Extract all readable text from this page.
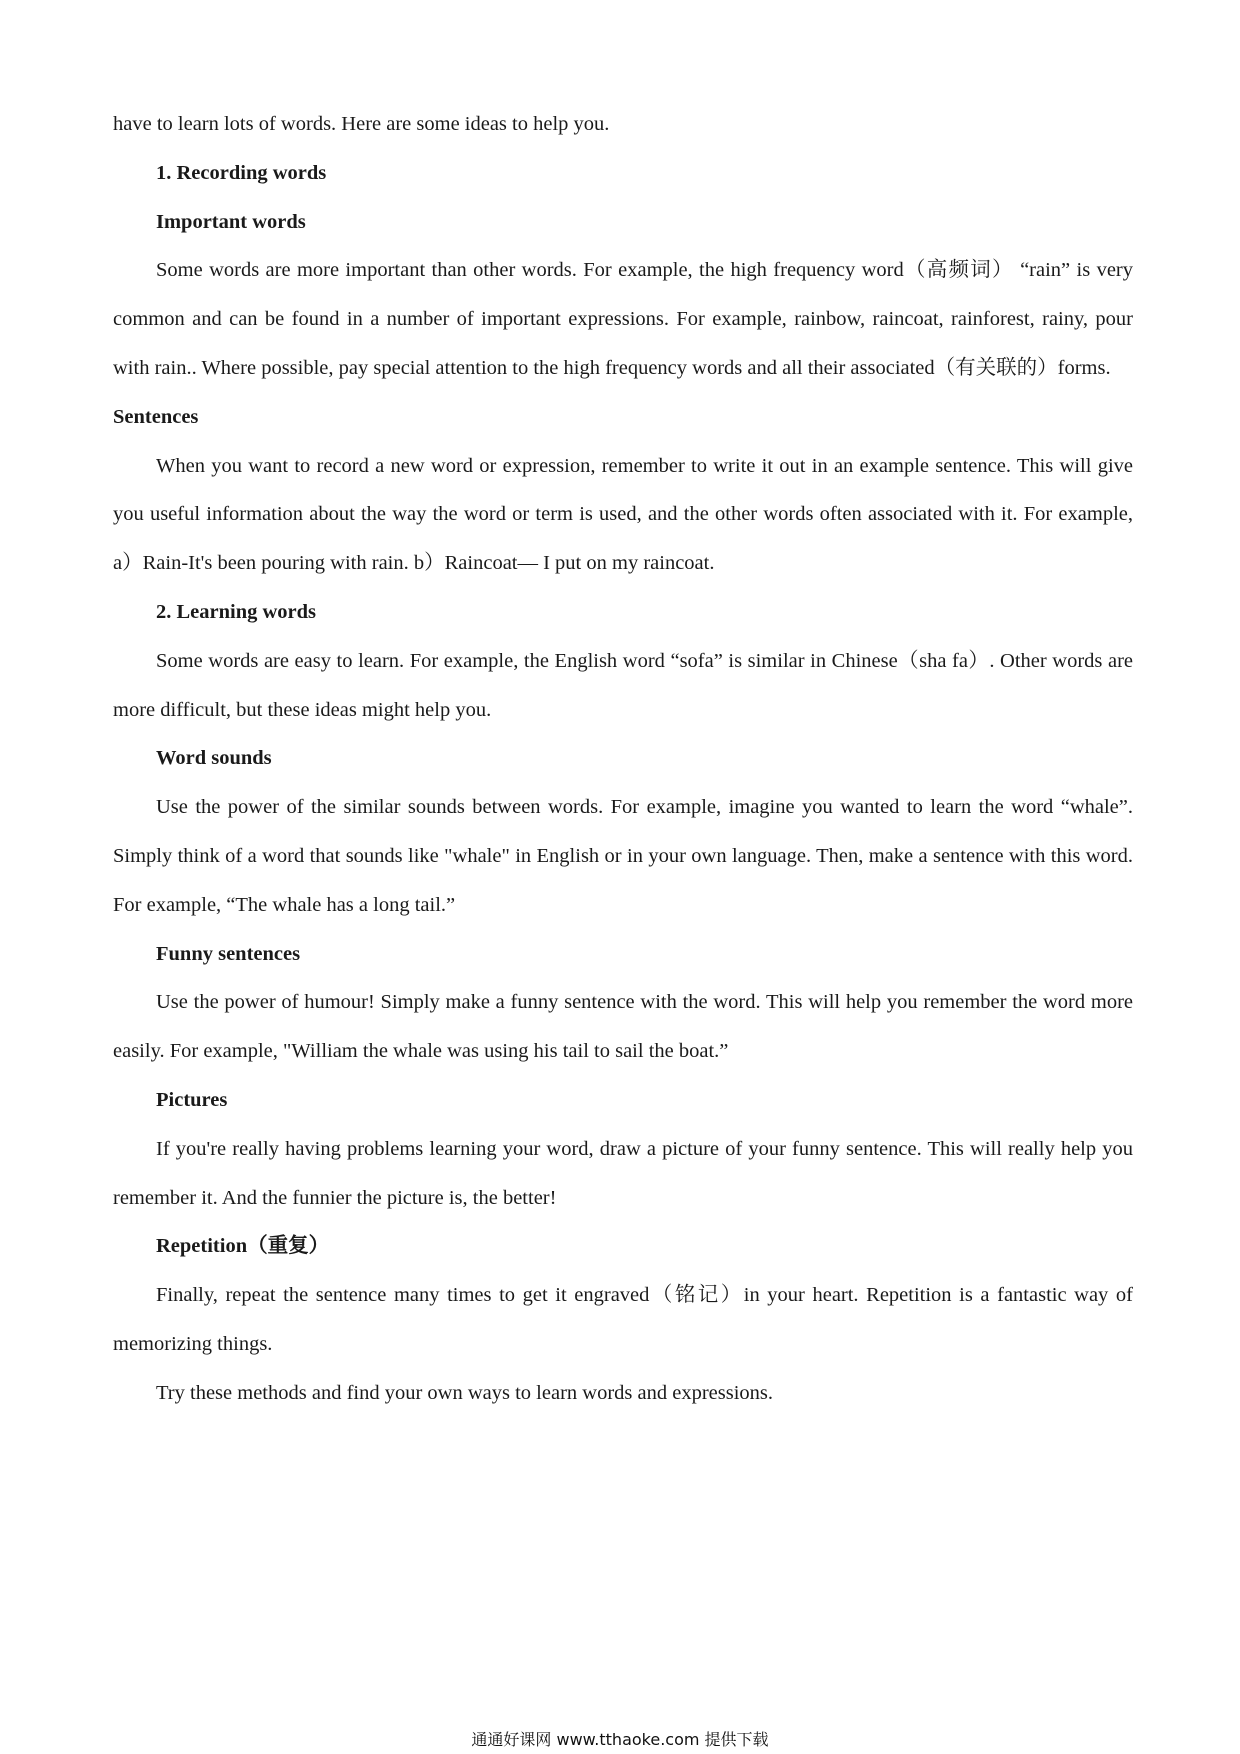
have to learn lots of words. Here are some ideas to help you.

1. Recording words

Important words

Some words are more important than other words. For example, the high frequency word（高频词） “rain” is very common and can be found in a number of important expressions. For example, rainbow, raincoat, rainforest, rainy, pour with rain.. Where possible, pay special attention to the high frequency words and all their associated（有关联的）forms.

Sentences

When you want to record a new word or expression, remember to write it out in an example sentence. This will give you useful information about the way the word or term is used, and the other words often associated with it. For example, a）Rain-It's been pouring with rain. b）Raincoat— I put on my raincoat.

2. Learning words

Some words are easy to learn. For example, the English word “sofa” is similar in Chinese（sha fa）. Other words are more difficult, but these ideas might help you.

Word sounds

Use the power of the similar sounds between words. For example, imagine you wanted to learn the word “whale”. Simply think of a word that sounds like "whale" in English or in your own language. Then, make a sentence with this word. For example, “The whale has a long tail.”

Funny sentences

Use the power of humour! Simply make a funny sentence with the word. This will help you remember the word more easily. For example, "William the whale was using his tail to sail the boat.”

Pictures

If you're really having problems learning your word, draw a picture of your funny sentence. This will really help you remember it. And the funnier the picture is, the better!

Repetition（重复）

Finally, repeat the sentence many times to get it engraved（铭记）in your heart. Repetition is a fantastic way of memorizing things.

Try these methods and find your own ways to learn words and expressions.

通通好课网 www.tthaoke.com 提供下载
